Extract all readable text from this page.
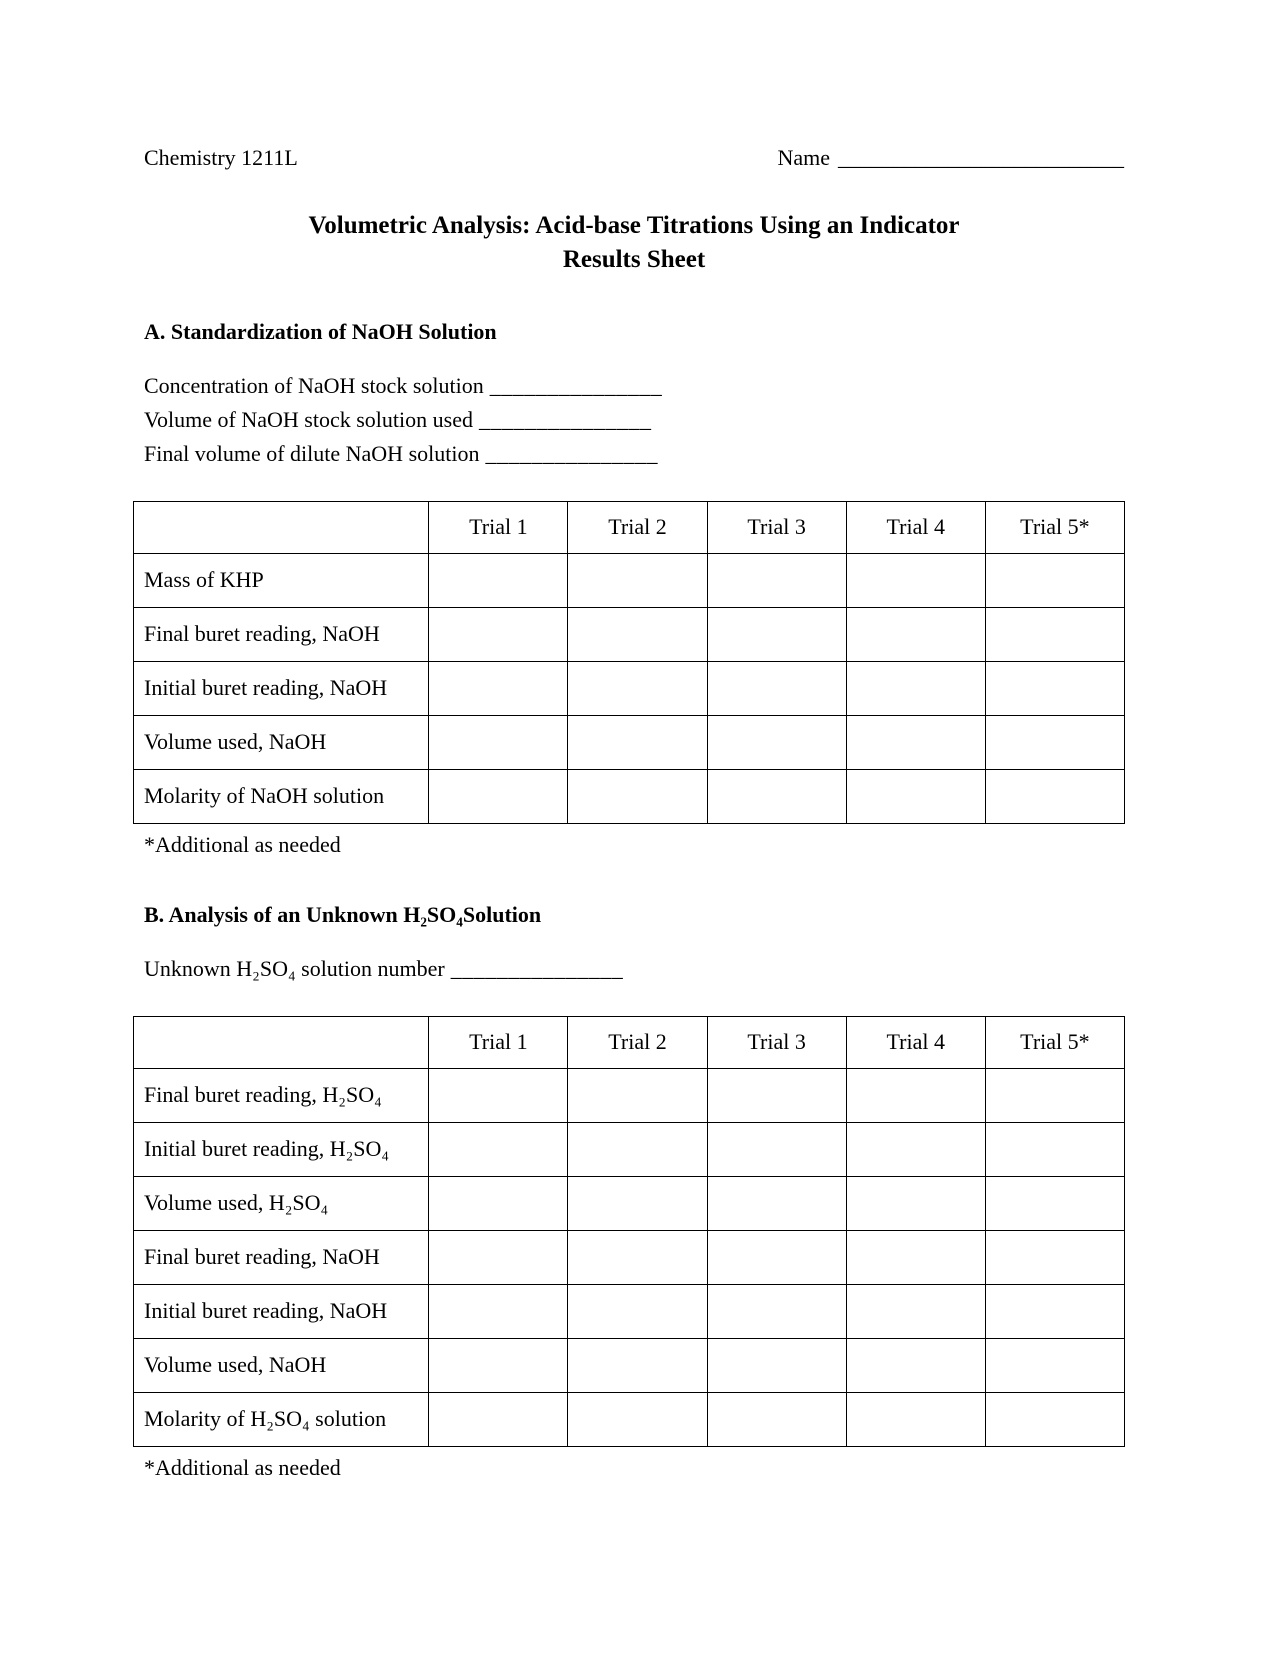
Chemistry 1211L	Name __________________________
Volumetric Analysis: Acid-base Titrations Using an Indicator
Results Sheet
A. Standardization of NaOH Solution
Concentration of NaOH stock solution _______________
Volume of NaOH stock solution used _______________
Final volume of dilute NaOH solution _______________
	Trial 1	Trial 2	Trial 3	Trial 4	Trial 5*
Mass of KHP					
Final buret reading, NaOH					
Initial buret reading, NaOH					
Volume used, NaOH					
Molarity of NaOH solution					
*Additional as needed
B. Analysis of an Unknown H₂SO₄Solution
Unknown H₂SO₄ solution number _______________
	Trial 1	Trial 2	Trial 3	Trial 4	Trial 5*
Final buret reading, H₂SO₄					
Initial buret reading, H₂SO₄					
Volume used, H₂SO₄					
Final buret reading, NaOH					
Initial buret reading, NaOH					
Volume used, NaOH					
Molarity of H₂SO₄ solution					
*Additional as needed
